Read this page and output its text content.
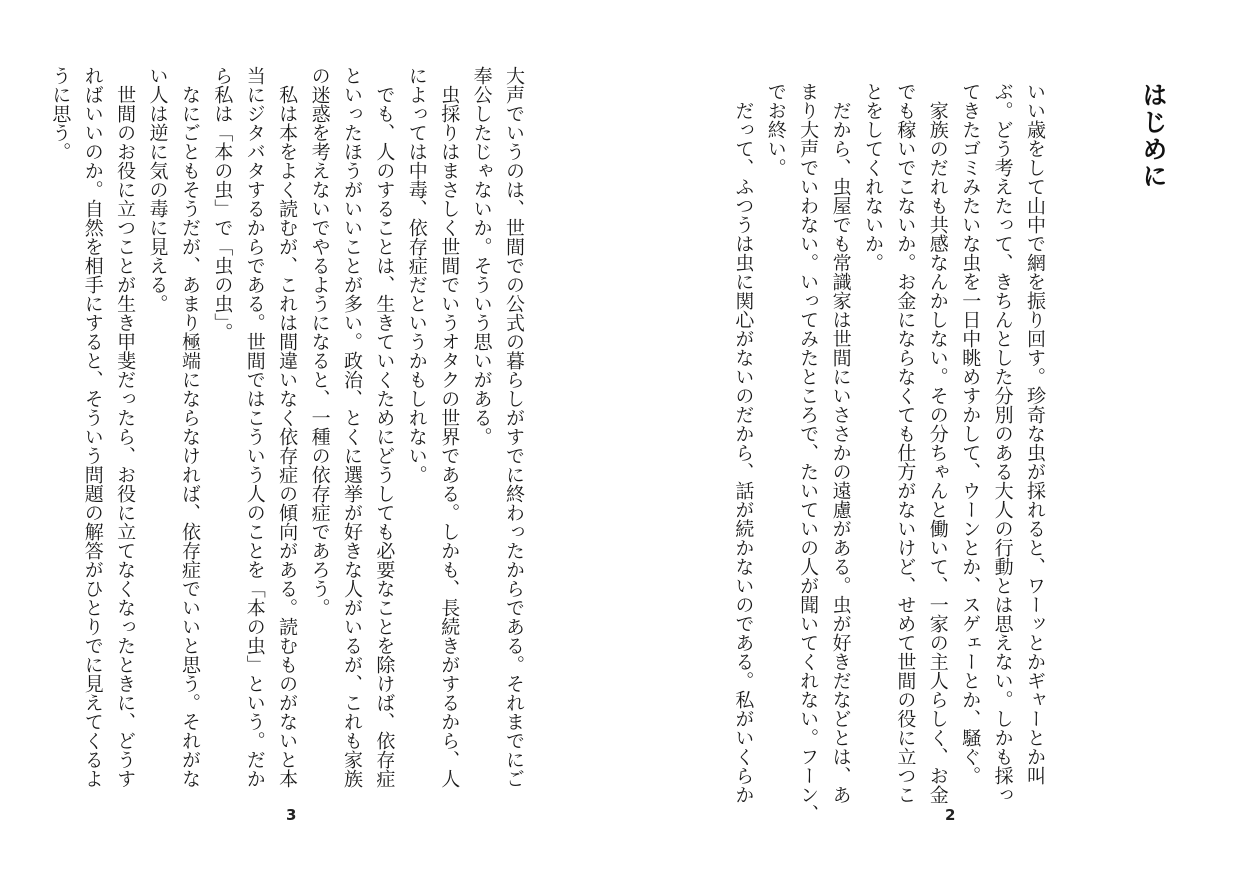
大声でいうのは、世間での公式の暮らしがすでに終わったからである。それまでにご

奉公したじゃないか。そういう思いがある。

虫採りはまさしく世間でいうオタクの世界である。しかも、長続きがするから、人

によっては中毒、依存症だというかもしれない。

でも、人のすることは、生きていくためにどうしても必要なことを除けば、依存症

といったほうがいいことが多い。政治、とくに選挙が好きな人がいるが、これも家族

の迷惑を考えないでやるようになると、一種の依存症であろう。

私は本をよく読むが、これは間違いなく依存症の傾向がある。読むものがないと本

当にジタバタするからである。世間ではこういう人のことを「本の虫」という。だか

ら私は「本の虫」で「虫の虫」。

なにごともそうだが、あまり極端にならなければ、依存症でいいと思う。それがな

い人は逆に気の毒に見える。

世間のお役に立つことが生き甲斐だったら、お役に立てなくなったときに、どうす

ればいいのか。自然を相手にすると、そういう問題の解答がひとりでに見えてくるよ

うに思う。

3
はじめに

いい歳をして山中で網を振り回す。珍奇な虫が採れると、ワーッとかギャーとか叫

ぶ。どう考えたって、きちんとした分別のある大人の行動とは思えない。しかも採っ

てきたゴミみたいな虫を一日中眺めすかして、ウーンとか、スゲェーとか、騒ぐ。

家族のだれも共感なんかしない。その分ちゃんと働いて、一家の主人らしく、お金

でも稼いでこないか。お金にならなくても仕方がないけど、せめて世間の役に立つこ

とをしてくれないか。

だから、虫屋でも常識家は世間にいささかの遠慮がある。虫が好きだなどとは、あ

まり大声でいわない。いってみたところで、たいていの人が聞いてくれない。フーン、

でお終い。

だって、ふつうは虫に関心がないのだから、話が続かないのである。私がいくらか

2
